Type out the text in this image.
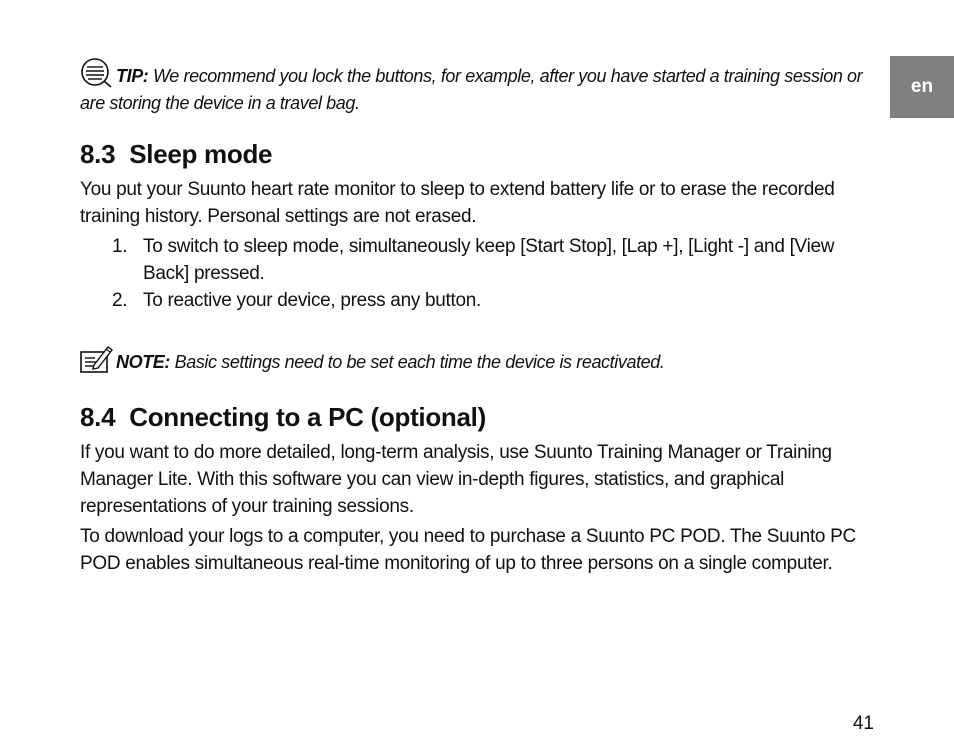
en
TIP: We recommend you lock the buttons, for example, after you have started a training session or are storing the device in a travel bag.
8.3 Sleep mode

You put your Suunto heart rate monitor to sleep to extend battery life or to erase the recorded training history. Personal settings are not erased.

1. To switch to sleep mode, simultaneously keep [Start Stop], [Lap +], [Light -] and [View Back] pressed.
2. To reactive your device, press any button.
NOTE: Basic settings need to be set each time the device is reactivated.
8.4 Connecting to a PC (optional)

If you want to do more detailed, long-term analysis, use Suunto Training Manager or Training Manager Lite. With this software you can view in-depth figures, statistics, and graphical representations of your training sessions.

To download your logs to a computer, you need to purchase a Suunto PC POD. The Suunto PC POD enables simultaneous real-time monitoring of up to three persons on a single computer.

41
